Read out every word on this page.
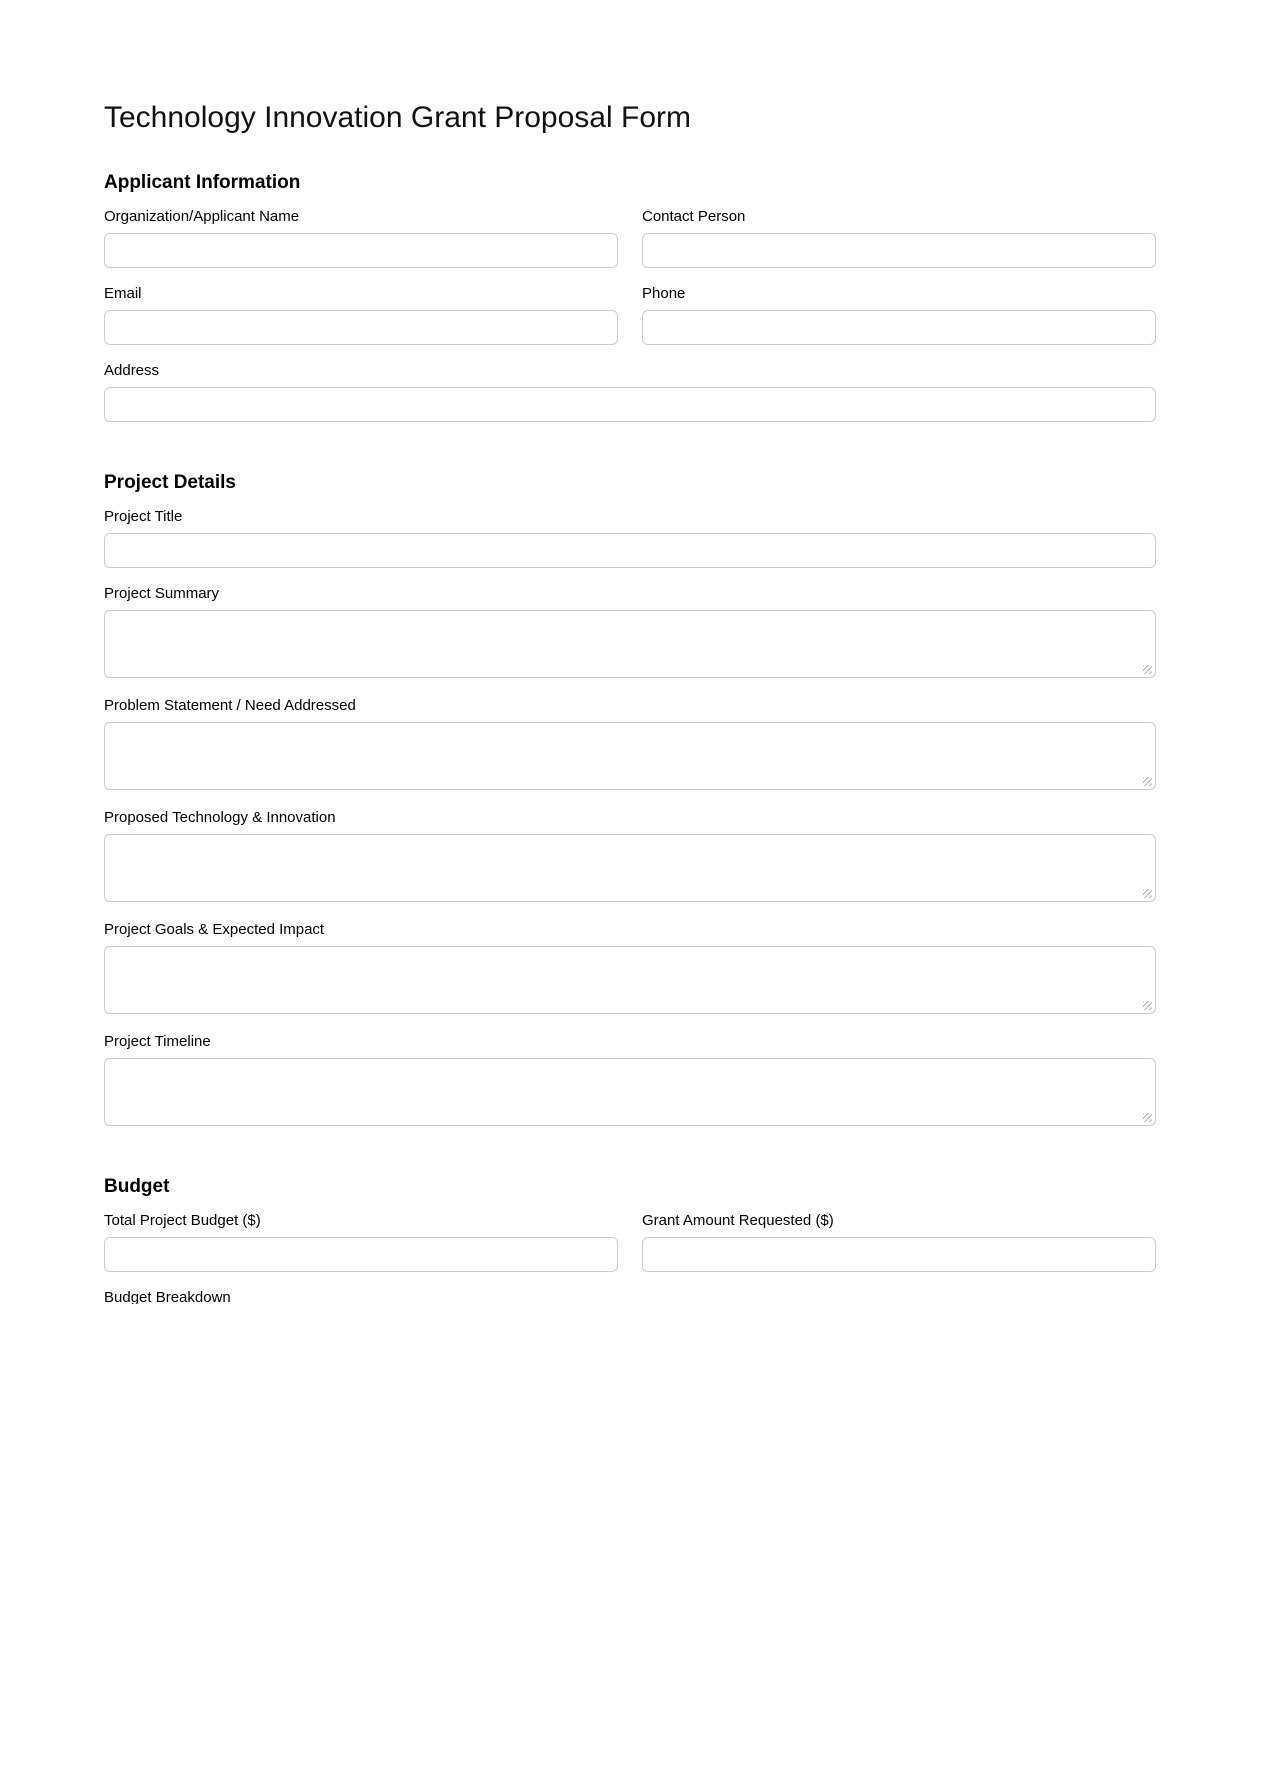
Technology Innovation Grant Proposal Form
Applicant Information
Organization/Applicant Name	Contact Person
Email	Phone
Address
Project Details
Project Title
Project Summary
Problem Statement / Need Addressed
Proposed Technology & Innovation
Project Goals & Expected Impact
Project Timeline
Budget
Total Project Budget ($)	Grant Amount Requested ($)
Budget Breakdown
